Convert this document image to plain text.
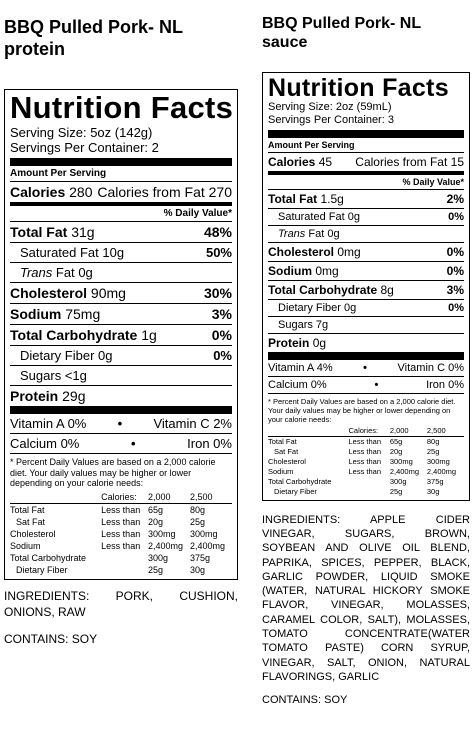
BBQ Pulled Pork- NL
protein
Nutrition Facts
Serving Size: 5oz (142g)
Servings Per Container: 2
Amount Per Serving
Calories 280 Calories from Fat 270
% Daily Value*
Total Fat 31g	48%
Saturated Fat 10g	50%
Trans Fat 0g
Cholesterol 90mg	30%
Sodium 75mg	3%
Total Carbohydrate 1g	0%
Dietary Fiber 0g	0%
Sugars <1g
Protein 29g
Vitamin A 0% • Vitamin C 2%
Calcium 0%	•	Iron 0%
* Percent Daily Values are based on a 2,000 calorie diet. Your daily values may be higher or lower depending on your calorie needs:
	Calories:	2,000	2,500
Total Fat	Less than	65g	80g
Sat Fat	Less than	20g	25g
Cholesterol	Less than	300mg	300mg
Sodium	Less than	2,400mg	2,400mg
Total Carbohydrate		300g	375g
Dietary Fiber		25g	30g
INGREDIENTS: PORK, CUSHION, ONIONS, RAW
CONTAINS: SOY
BBQ Pulled Pork- NL
sauce
Nutrition Facts
Serving Size: 2oz (59mL)
Servings Per Container: 3
Amount Per Serving
Calories 45 Calories from Fat 15
% Daily Value*
Total Fat 1.5g	2%
Saturated Fat 0g	0%
Trans Fat 0g
Cholesterol 0mg	0%
Sodium 0mg	0%
Total Carbohydrate 8g	3%
Dietary Fiber 0g	0%
Sugars 7g
Protein 0g
Vitamin A 4%	•	Vitamin C 0%
Calcium 0%	•	Iron 0%
* Percent Daily Values are based on a 2,000 calorie diet. Your daily values may be higher or lower depending on your calorie needs:
	Calories:	2,000	2,500
Total Fat	Less than	65g	80g
Sat Fat	Less than	20g	25g
Cholesterol	Less than	300mg	300mg
Sodium	Less than	2,400mg	2,400mg
Total Carbohydrate		300g	375g
Dietary Fiber		25g	30g
INGREDIENTS: APPLE CIDER VINEGAR, SUGARS, BROWN, SOYBEAN AND OLIVE OIL BLEND, PAPRIKA, SPICES, PEPPER, BLACK, GARLIC POWDER, LIQUID SMOKE (WATER, NATURAL HICKORY SMOKE FLAVOR, VINEGAR, MOLASSES, CARAMEL COLOR, SALT), MOLASSES, TOMATO CONCENTRATE(WATER TOMATO PASTE) CORN SYRUP, VINEGAR, SALT, ONION, NATURAL FLAVORINGS, GARLIC
CONTAINS: SOY
